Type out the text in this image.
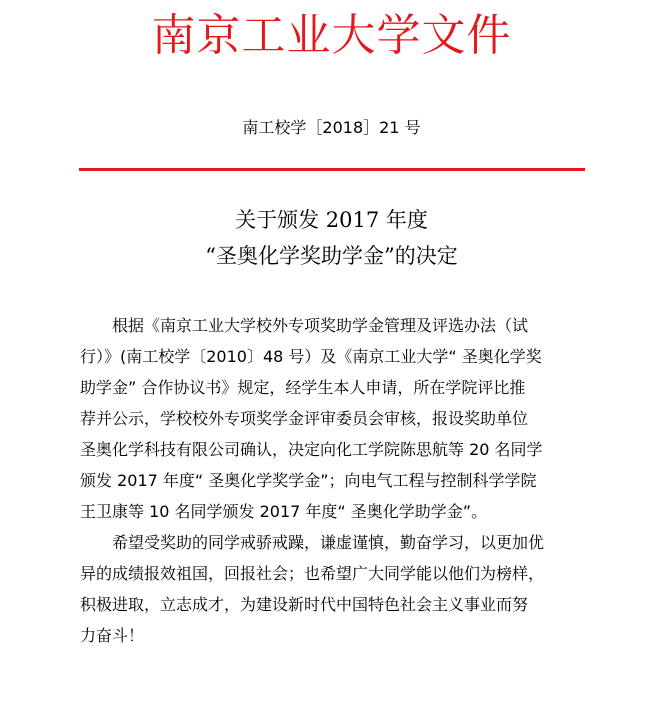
南京工业大学文件
南工校学［2018］21 号
关于颁发 2017 年度
“圣奥化学奖助学金”的决定
根据《南京工业大学校外专项奖助学金管理及评选办法（试
行）》(南工校学〔2010〕48 号）及《南京工业大学“ 圣奥化学奖
助学金” 合作协议书》规定，经学生本人申请，所在学院评比推
荐并公示，学校校外专项奖学金评审委员会审核，报设奖助单位
圣奥化学科技有限公司确认，决定向化工学院陈思航等 20 名同学
颁发 2017 年度“ 圣奥化学奖学金”；向电气工程与控制科学学院
王卫康等 10 名同学颁发 2017 年度“ 圣奥化学助学金”。
希望受奖助的同学戒骄戒躁，谦虚谨慎，勤奋学习，以更加优
异的成绩报效祖国，回报社会；也希望广大同学能以他们为榜样，
积极进取，立志成才，为建设新时代中国特色社会主义事业而努
力奋斗！
